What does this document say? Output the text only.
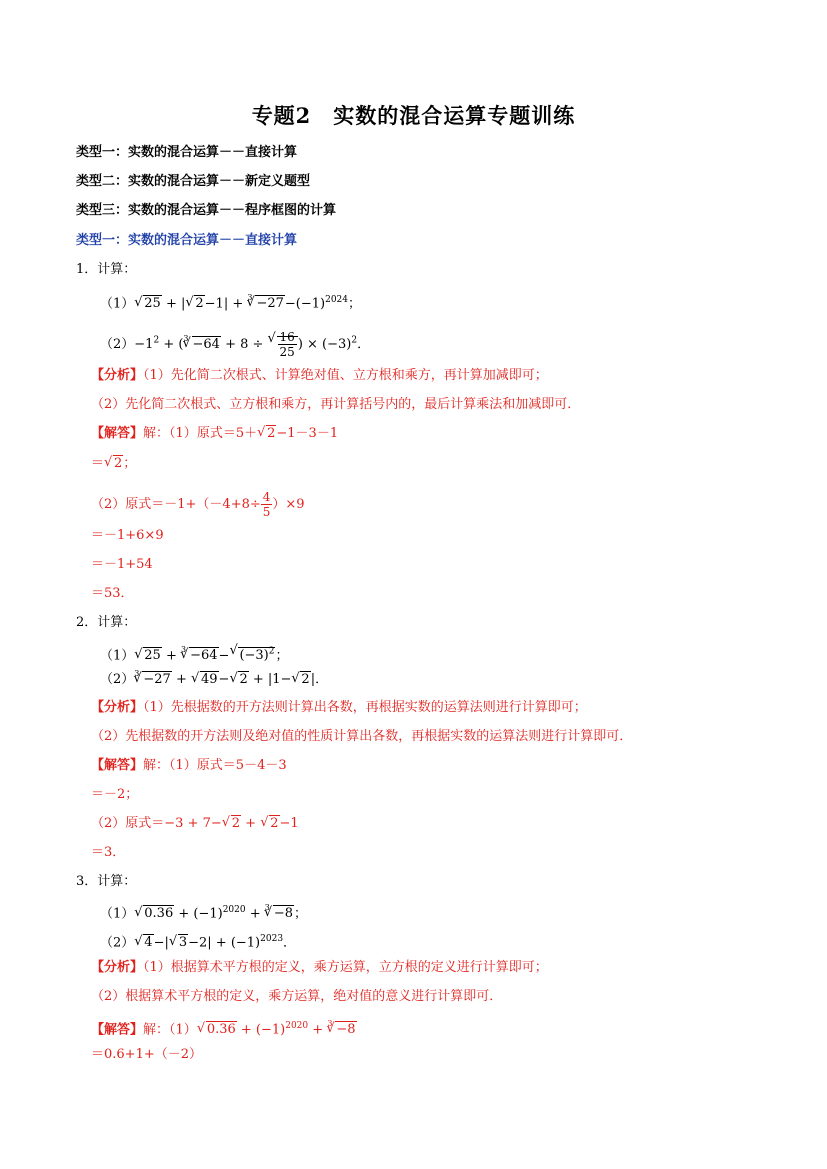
专题2　实数的混合运算专题训练
类型一：实数的混合运算－－直接计算
类型二：实数的混合运算－－新定义题型
类型三：实数的混合运算－－程序框图的计算
类型一：实数的混合运算－－直接计算
1．计算：
（1）√ 25 + |√ $2-1| + ^3√ -27-(-1)^{2024}$；
$(2)-1^2 + (^3√ -64 + 8$ ÷
√ $\frac{16}{25}$ ) × $(-3)^2$．
【分析】（1）先化简二次根式、计算绝对值、立方根和乘方，再计算加减即可；
（2）先化简二次根式、立方根和乘方，再计算括号内的，最后计算乘法和加减即可．
【解答】解：（1）原式＝5＋√ 2−1－3－1
＝√ 2；
（2）原式$=-1+(-4+8\div \frac{4}{5} )\times 9$
＝－1+6×9
＝－1+54
＝53．
2．计算：
（1）√ 25 + $^3$√ −64−√ $(-3)^2$；
$(2)^3√ -27$ + √ 49−√ 2 + |1−√ 2|．
【分析】（1）先根据数的开方法则计算出各数，再根据实数的运算法则进行计算即可；
（2）先根据数的开方法则及绝对值的性质计算出各数，再根据实数的运算法则进行计算即可．
【解答】解：（1）原式＝5－4－3
＝－2；
（2）原式＝−3 + 7−√ 2 + √ 2−1
＝3．
3．计算：
（1）√ $0.36 + (-1)^{2020} + ^3√ -8$；
（2）√ 4−|√ $3-2| + (-1)^{2023}$．
【分析】（1）根据算术平方根的定义，乘方运算，立方根的定义进行计算即可；
（2）根据算术平方根的定义，乘方运算，绝对值的意义进行计算即可．
【解答】解：（1）√ $0.36 + (-1)^{2020} + ^3√ -8$
＝0.6+1+（－2）
